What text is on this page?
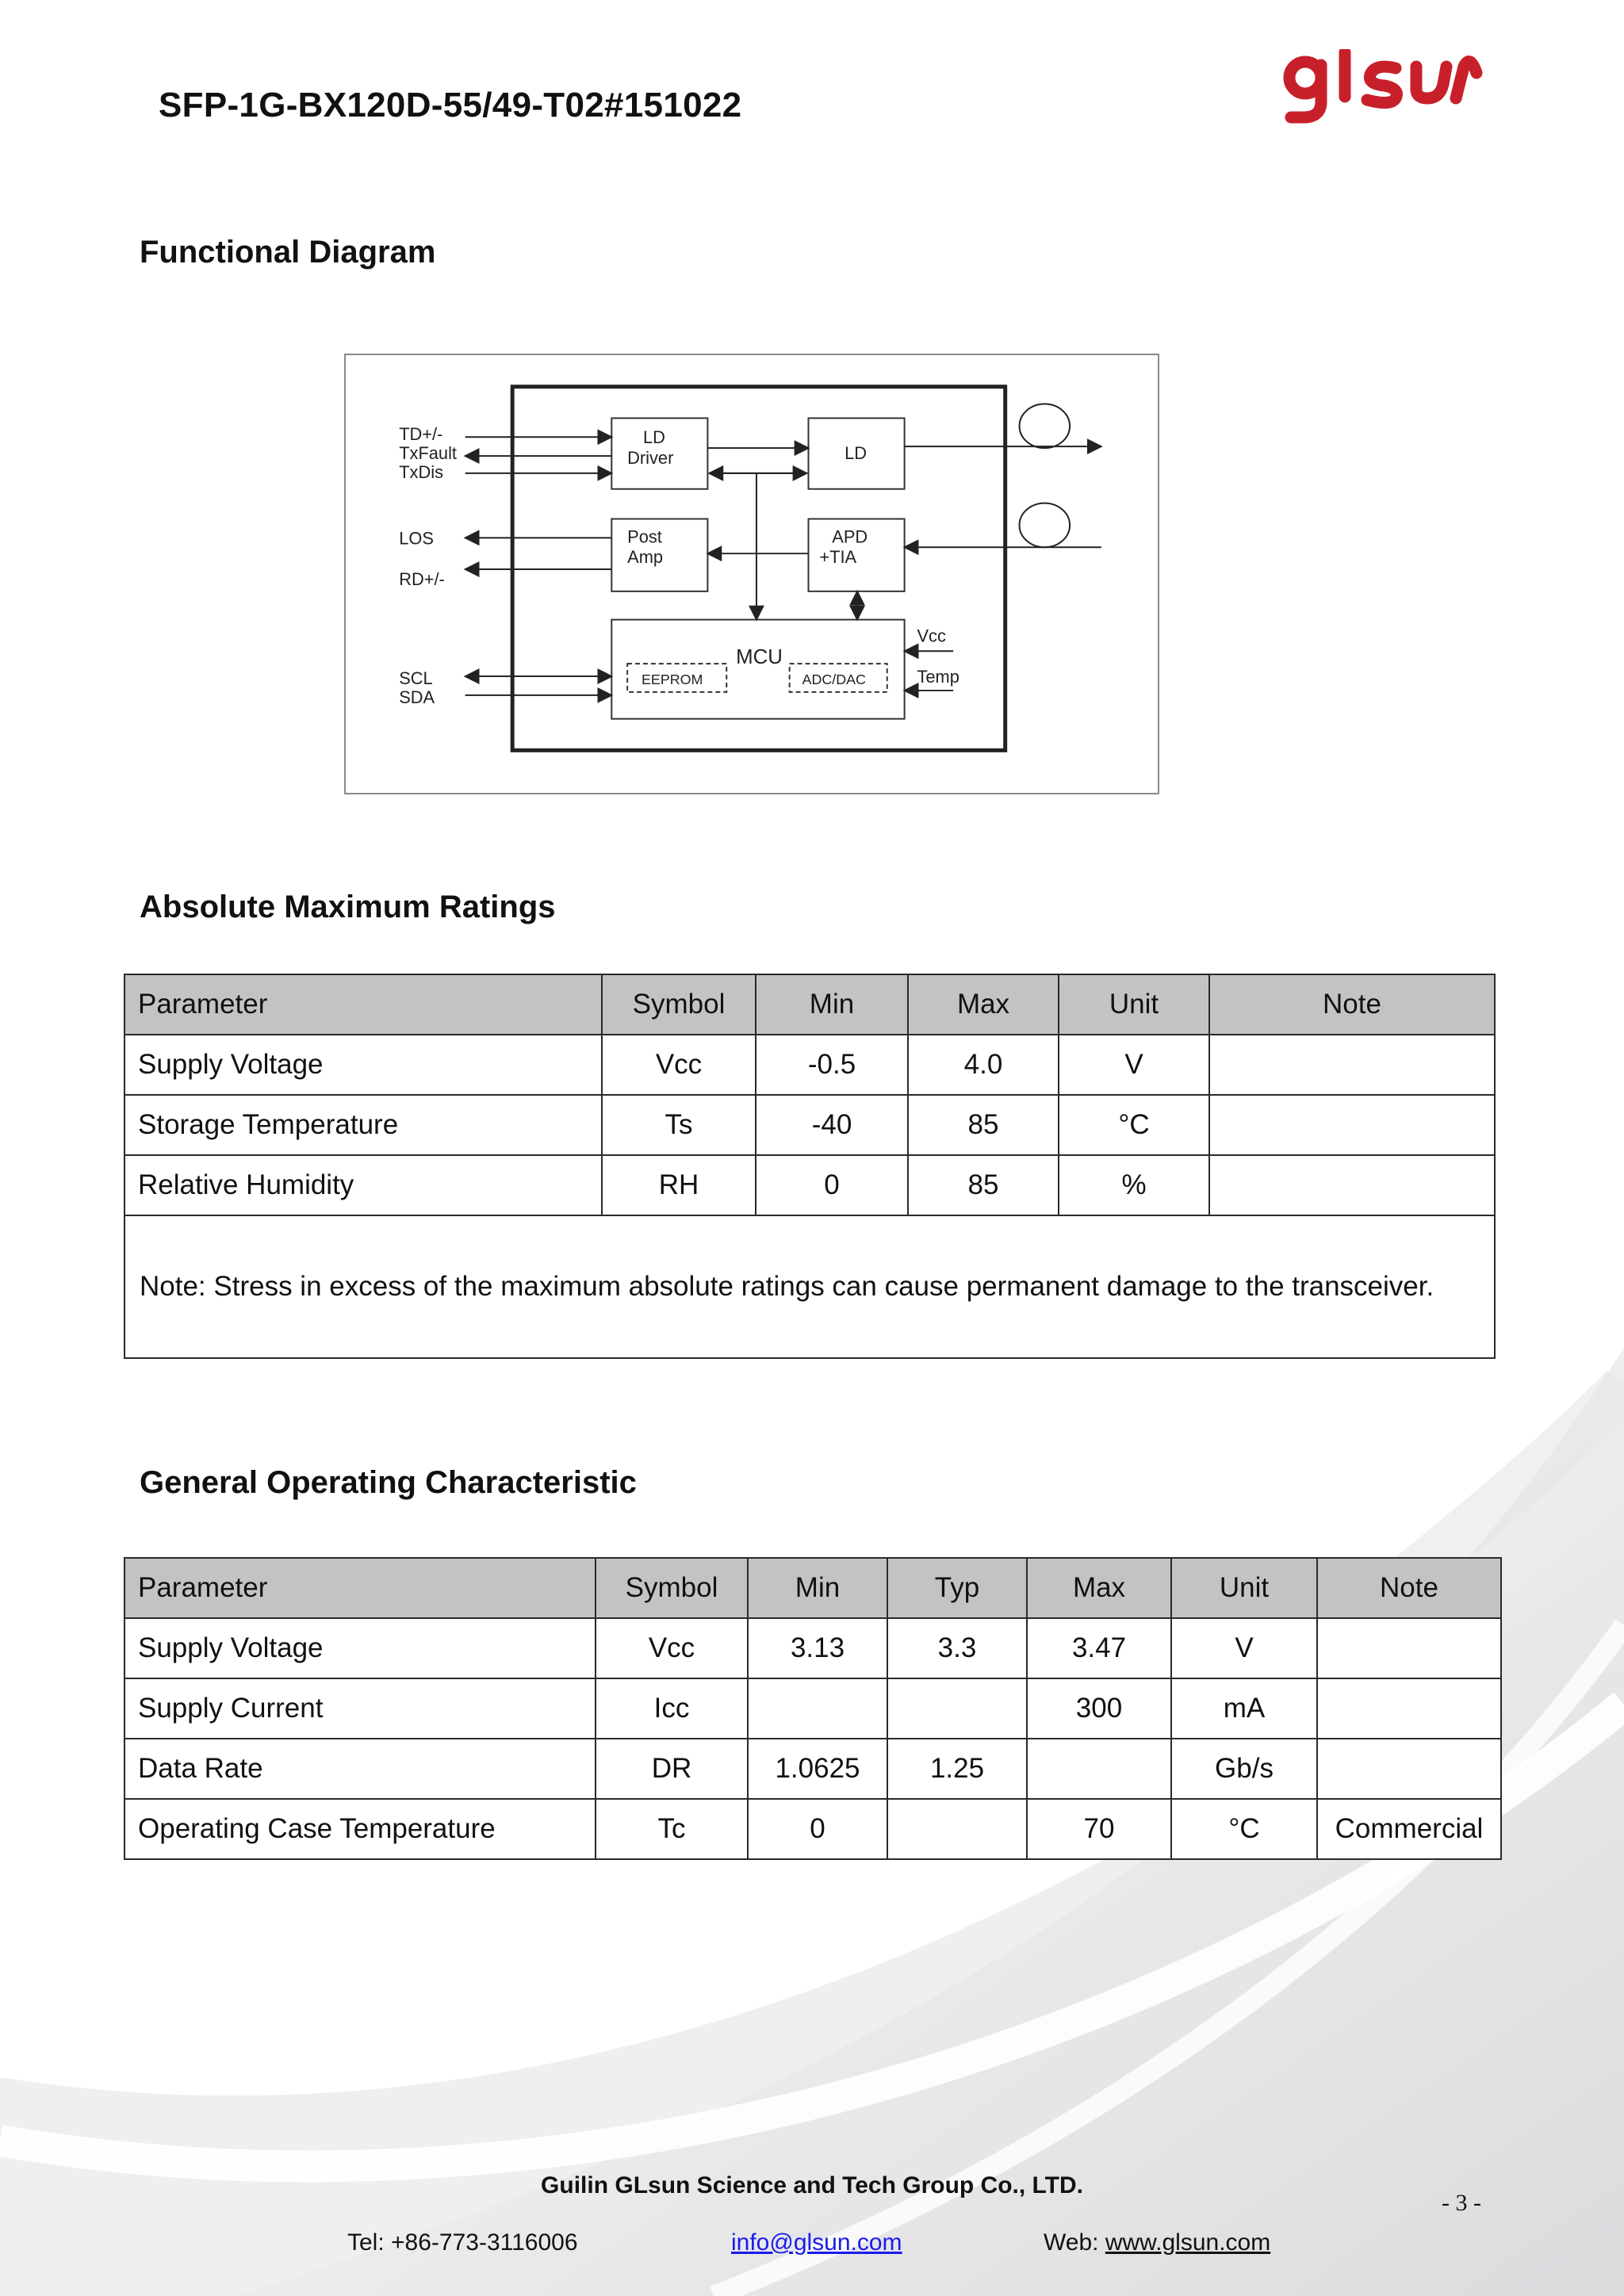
SFP-1G-BX120D-55/49-T02#151022
Functional Diagram
TD+/-
TxFault
TxDis
LOS
RD+/-
SCL
SDA
LD
Driver	LD
Post
Amp
APD
+TIA
MCU
EEPROM	ADC/DAC
Vcc
Temp
Absolute Maximum Ratings
Parameter	Symbol	Min	Max	Unit	Note
Supply Voltage	Vcc	-0.5	4.0	V	
Storage Temperature	Ts	-40	85	°C	
Relative Humidity	RH	0	85	%	
Note: Stress in excess of the maximum absolute ratings can cause permanent damage to the transceiver.					
General Operating Characteristic
Parameter	Symbol	Min	Typ	Max	Unit	Note
Supply Voltage	Vcc	3.13	3.3	3.47	V	
Supply Current	Icc			300	mA	
Data Rate	DR	1.0625	1.25		Gb/s	
Operating Case Temperature	Tc	0		70	°C	Commercial
Guilin GLsun Science and Tech Group Co., LTD.
- 3 -
Tel: +86-773-3116006	info@glsun.com	Web: www.glsun.com
